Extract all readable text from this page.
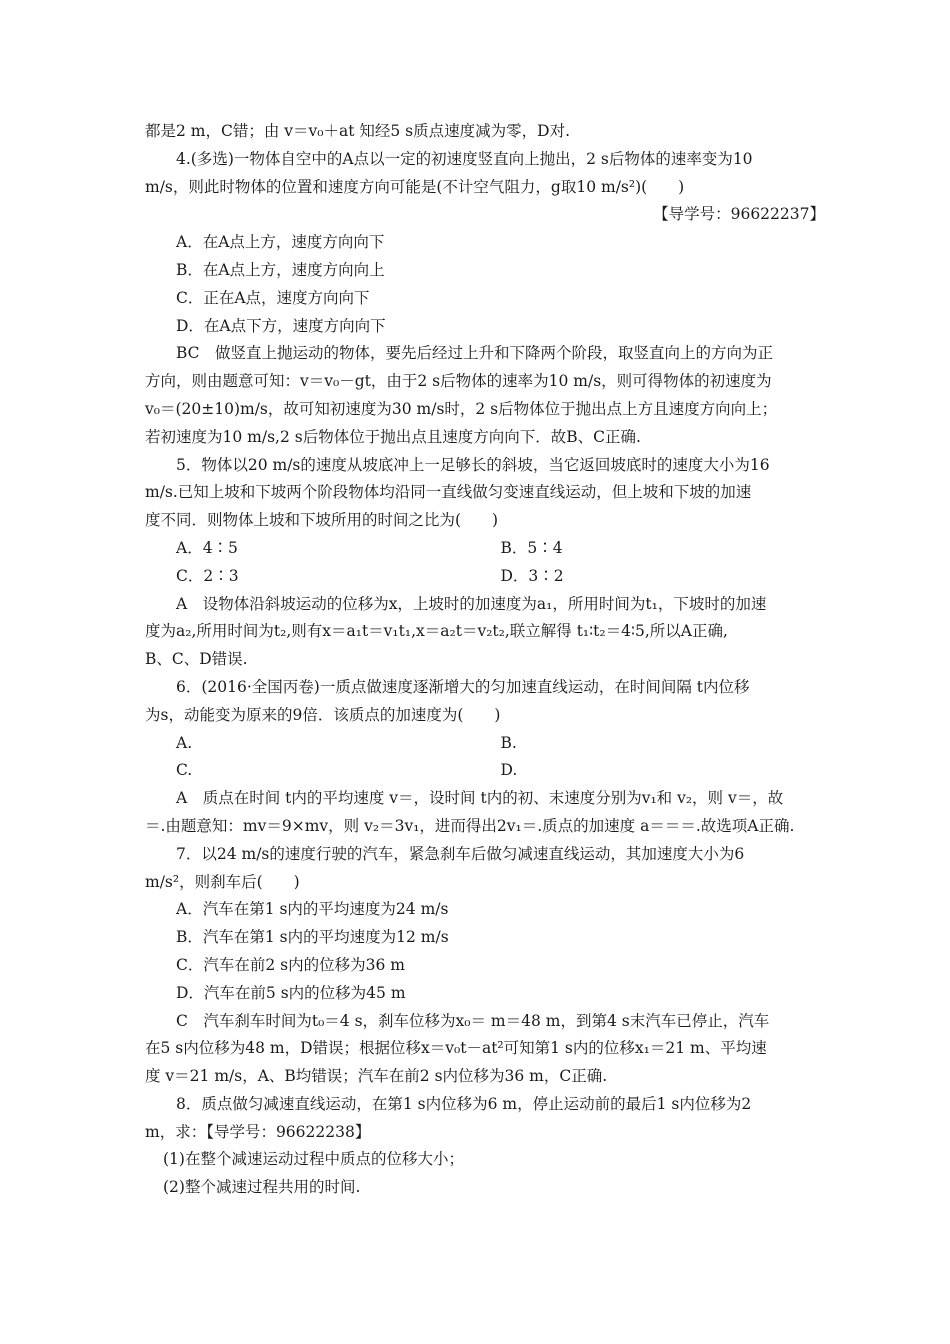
都是2 m，C错；由 v＝v₀＋at 知经5 s质点速度减为零，D对.

4.(多选)一物体自空中的A点以一定的初速度竖直向上抛出，2 s后物体的速率变为10

m/s，则此时物体的位置和速度方向可能是(不计空气阻力，g取10 m/s²)(　　)

【导学号：96622237】

A．在A点上方，速度方向向下

B．在A点上方，速度方向向上

C．正在A点，速度方向向下

D．在A点下方，速度方向向下

BC　做竖直上抛运动的物体，要先后经过上升和下降两个阶段，取竖直向上的方向为正

方向，则由题意可知：v＝v₀－gt，由于2 s后物体的速率为10 m/s，则可得物体的初速度为

v₀＝(20±10)m/s，故可知初速度为30 m/s时，2 s后物体位于抛出点上方且速度方向向上；

若初速度为10 m/s,2 s后物体位于抛出点且速度方向向下．故B、C正确.

5．物体以20 m/s的速度从坡底冲上一足够长的斜坡，当它返回坡底时的速度大小为16

m/s.已知上坡和下坡两个阶段物体均沿同一直线做匀变速直线运动，但上坡和下坡的加速

度不同．则物体上坡和下坡所用的时间之比为(　　)

A．4∶5	B．5∶4
C．2∶3	D．3∶2

A　设物体沿斜坡运动的位移为x，上坡时的加速度为a₁，所用时间为t₁，下坡时的加速

度为a₂,所用时间为t₂,则有x＝a₁t＝v₁t₁,x＝a₂t＝v₂t₂,联立解得 t₁∶t₂＝4∶5,所以A正确,

B、C、D错误.

6．(2016·全国丙卷)一质点做速度逐渐增大的匀加速直线运动，在时间间隔 t内位移

为s，动能变为原来的9倍．该质点的加速度为(　　)

A.	B.
C.	D.

A　质点在时间 t内的平均速度 v＝，设时间 t内的初、末速度分别为v₁和 v₂，则 v＝，故

＝.由题意知：mv＝9×mv，则 v₂＝3v₁，进而得出2v₁＝.质点的加速度 a＝＝＝.故选项A正确.

7．以24 m/s的速度行驶的汽车，紧急刹车后做匀减速直线运动，其加速度大小为6

m/s²，则刹车后(　　)

A．汽车在第1 s内的平均速度为24 m/s

B．汽车在第1 s内的平均速度为12 m/s

C．汽车在前2 s内的位移为36 m

D．汽车在前5 s内的位移为45 m

C　汽车刹车时间为t₀＝4 s，刹车位移为x₀＝ m＝48 m，到第4 s末汽车已停止，汽车

在5 s内位移为48 m，D错误；根据位移x＝v₀t－at²可知第1 s内的位移x₁＝21 m、平均速

度 v＝21 m/s，A、B均错误；汽车在前2 s内位移为36 m，C正确.

8．质点做匀减速直线运动，在第1 s内位移为6 m，停止运动前的最后1 s内位移为2

m，求：【导学号：96622238】

(1)在整个减速运动过程中质点的位移大小；

(2)整个减速过程共用的时间.
